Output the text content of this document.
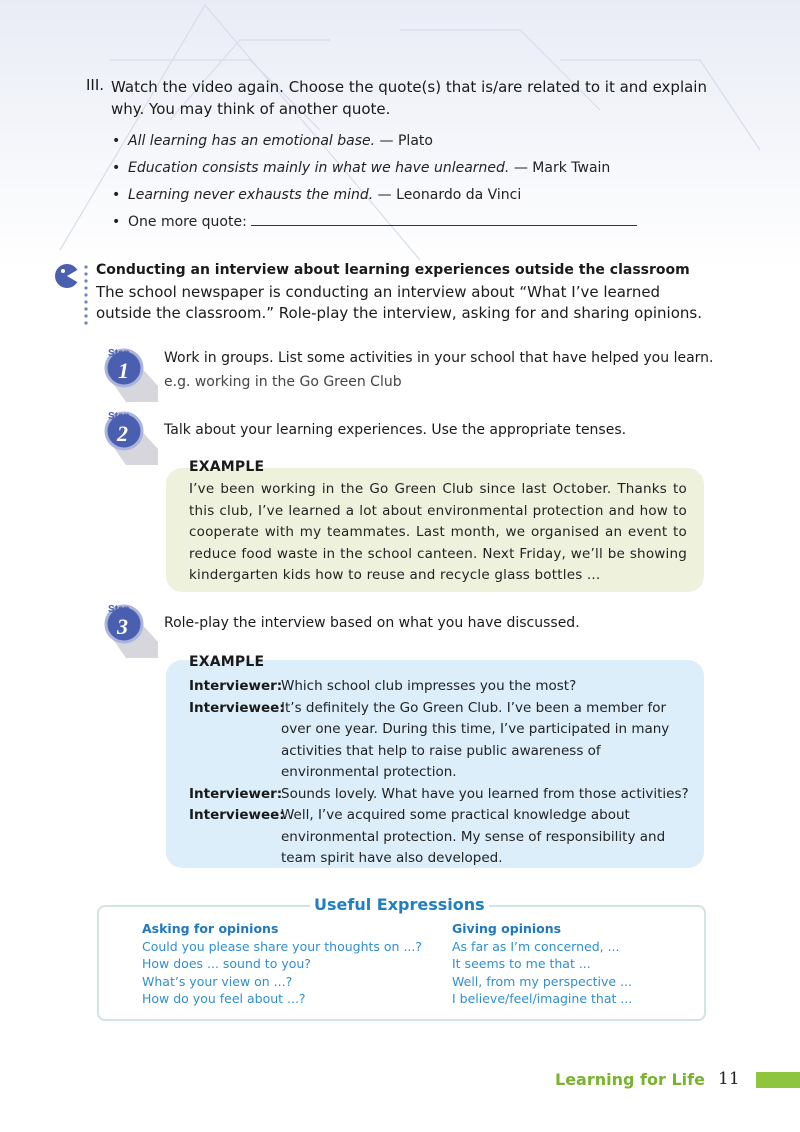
III. Watch the video again. Choose the quote(s) that is/are related to it and explain why. You may think of another quote.
• All learning has an emotional base. — Plato
• Education consists mainly in what we have unlearned. — Mark Twain
• Learning never exhausts the mind. — Leonardo da Vinci
• One more quote:
Conducting an interview about learning experiences outside the classroom
The school newspaper is conducting an interview about “What I’ve learned outside the classroom.” Role-play the interview, asking for and sharing opinions.
Step
1
Step
2
Step
3
Work in groups. List some activities in your school that have helped you learn.
e.g. working in the Go Green Club
Talk about your learning experiences. Use the appropriate tenses.
Role-play the interview based on what you have discussed.
EXAMPLE
I’ve been working in the Go Green Club since last October. Thanks to this club, I’ve learned a lot about environmental protection and how to cooperate with my teammates. Last month, we organised an event to reduce food waste in the school canteen. Next Friday, we’ll be showing kindergarten kids how to reuse and recycle glass bottles ...
EXAMPLE
Interviewer:
Which school club impresses you the most?
Interviewee:
It’s definitely the Go Green Club. I’ve been a member for over one year. During this time, I’ve participated in many activities that help to raise public awareness of environmental protection.
Interviewer:
Sounds lovely. What have you learned from those activities?
Interviewee:
Well, I’ve acquired some practical knowledge about environmental protection. My sense of responsibility and team spirit have also developed.
Useful Expressions
Asking for opinions
Could you please share your thoughts on ...?
How does ... sound to you?
What’s your view on ...?
How do you feel about ...?
Giving opinions
As far as I’m concerned, ...
It seems to me that ...
Well, from my perspective ...
I believe/feel/imagine that ...
Learning for Life 11
